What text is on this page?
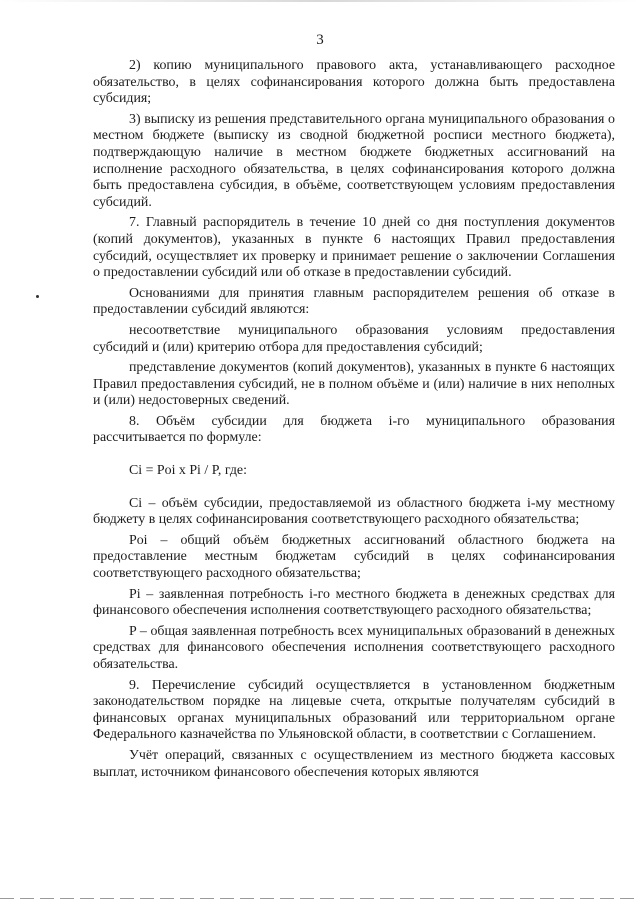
3

2) копию муниципального правового акта, устанавливающего расходное обязательство, в целях софинансирования которого должна быть предоставлена субсидия;

3) выписку из решения представительного органа муниципального образования о местном бюджете (выписку из сводной бюджетной росписи местного бюджета), подтверждающую наличие в местном бюджете бюджетных ассигнований на исполнение расходного обязательства, в целях софинансирования которого должна быть предоставлена субсидия, в объёме, соответствующем условиям предоставления субсидий.

7. Главный распорядитель в течение 10 дней со дня поступления документов (копий документов), указанных в пункте 6 настоящих Правил предоставления субсидий, осуществляет их проверку и принимает решение о заключении Соглашения о предоставлении субсидий или об отказе в предоставлении субсидий.

Основаниями для принятия главным распорядителем решения об отказе в предоставлении субсидий являются:

несоответствие муниципального образования условиям предоставления субсидий и (или) критерию отбора для предоставления субсидий;

представление документов (копий документов), указанных в пункте 6 настоящих Правил предоставления субсидий, не в полном объёме и (или) наличие в них неполных и (или) недостоверных сведений.

8. Объём субсидии для бюджета i-го муниципального образования рассчитывается по формуле:

Ci = Poi x Pi / P, где:

Ci – объём субсидии, предоставляемой из областного бюджета i-му местному бюджету в целях софинансирования соответствующего расходного обязательства;

Poi – общий объём бюджетных ассигнований областного бюджета на предоставление местным бюджетам субсидий в целях софинансирования соответствующего расходного обязательства;

Pi – заявленная потребность i-го местного бюджета в денежных средствах для финансового обеспечения исполнения соответствующего расходного обязательства;

P – общая заявленная потребность всех муниципальных образований в денежных средствах для финансового обеспечения исполнения соответствующего расходного обязательства.

9. Перечисление субсидий осуществляется в установленном бюджетным законодательством порядке на лицевые счета, открытые получателям субсидий в финансовых органах муниципальных образований или территориальном органе Федерального казначейства по Ульяновской области, в соответствии с Соглашением.

Учёт операций, связанных с осуществлением из местного бюджета кассовых выплат, источником финансового обеспечения которых являются
